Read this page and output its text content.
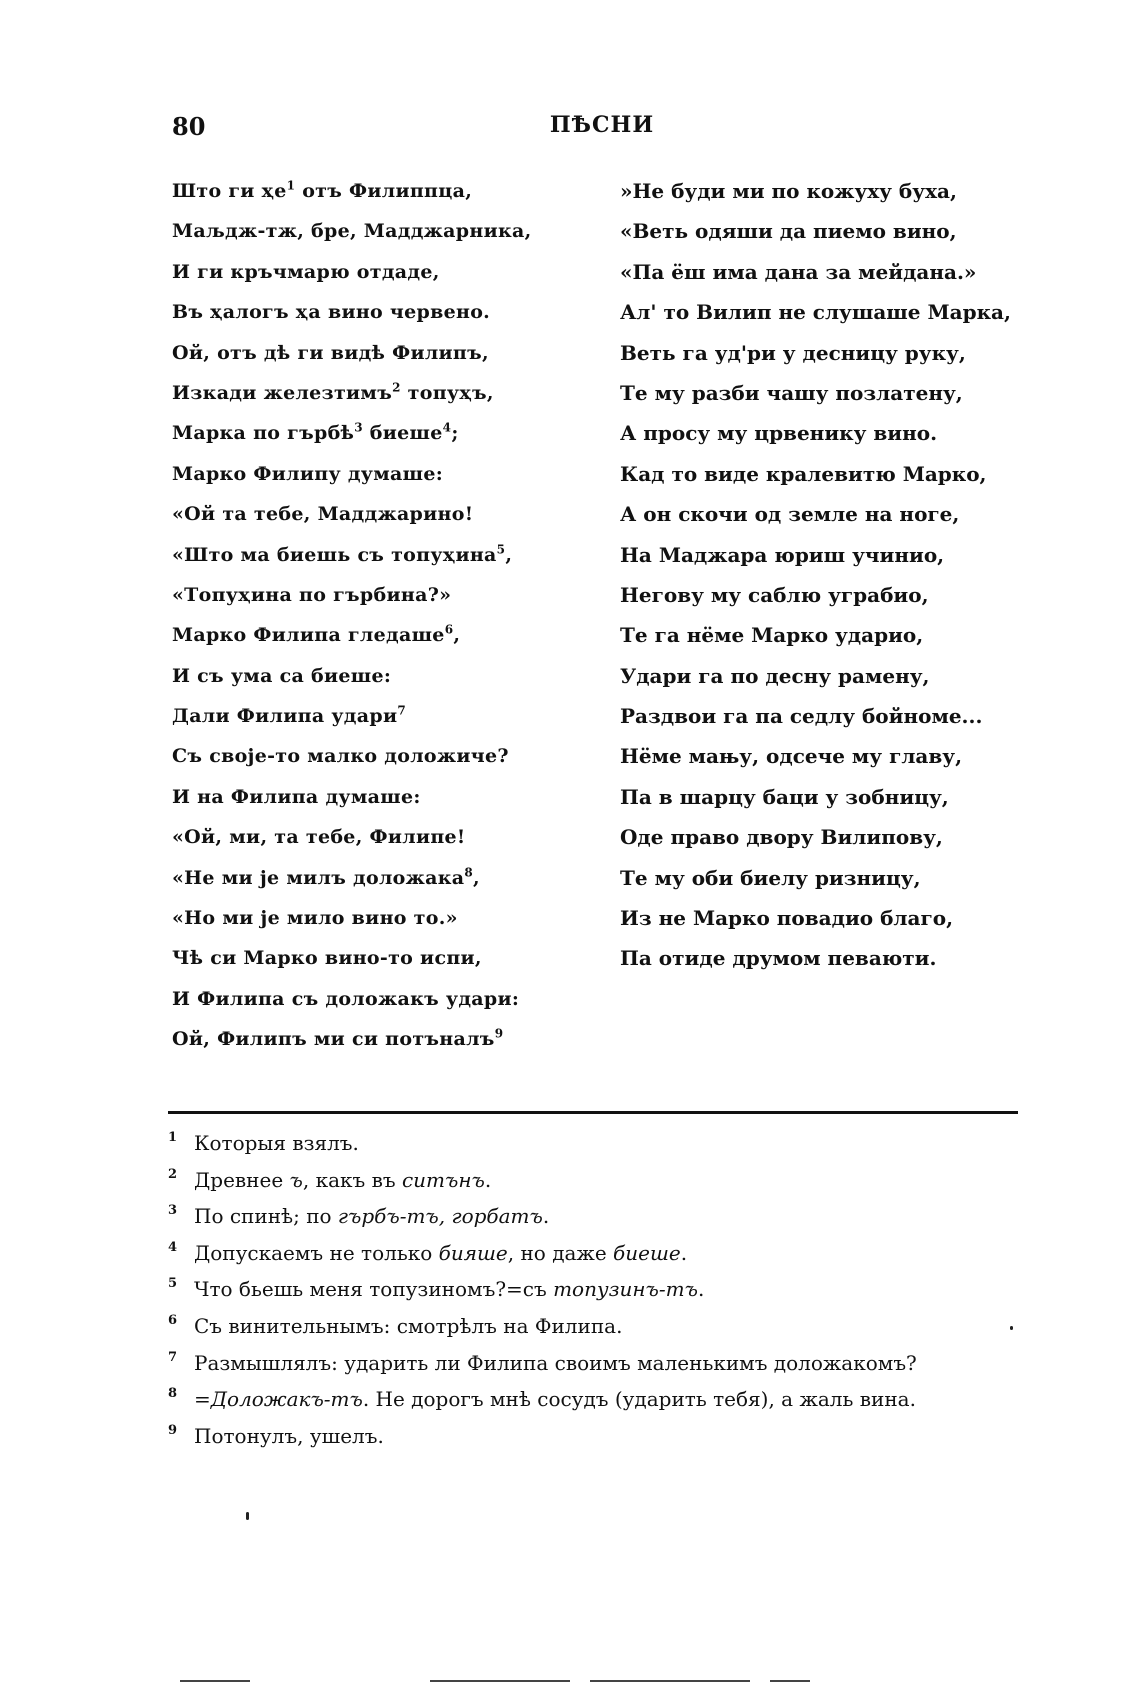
80	ПѢСНИ
Што ги $ҳе^1$ отъ Филиппца,
Маљдж-тж, бре, Мадджарника,
И ги кръчмарю отдаде,
Въ ҳалогъ ҳа вино червено.
Ой, отъ дѣ ги видѣ Филипъ,
Изкади железтимъ$^2$ топуҳъ,
Марка по гърбѣ$^3$ биеше$^4$;
Марко Филипу думаше:
«Ой та тебе, Мадджарино!
«Што ма биешь съ топуҳина$^5$,
«Топуҳина по гърбина?»
Марко Филипа гледаше$^6$,
И съ ума са биеше:
Дали Филипа удари$^7$
Съ своје-то малко доложиче?
И на Филипа думаше:
«Ой, ми, та тебе, Филипе!
«Не ми је милъ доложака$^8$,
«Но ми је мило вино то.»
Чѣ си Марко вино-то испи,
И Филипа съ доложакъ удари:
Ой, Филипъ ми си потъналъ$^9$
»Не буди ми по кожуху буха,
«Веть одяши да пиемо вино,
«Па ёш има дана за мейдана.»
Ал' то Вилип не слушаше Марка,
Веть га уд'ри у десницу руку,
Те му разби чашу позлатену,
А просу му црвенику вино.
Кад то виде кралевитю Марко,
А он скочи од земле на ноге,
На Маджара юриш учинио,
Негову му саблю уграбио,
Те га нёме Марко ударио,
Удари га по десну рамену,
Раздвои га па седлу бойноме...
Нёме мању, одсече му главу,
Па в шарцу баци у зобницу,
Оде право двору Вилипову,
Те му оби биелу ризницу,
Из не Марко повадио благо,
Па отиде друмом певаюти.
1 Которыя взялъ.
2 Древнее ъ, какъ въ ситънъ.
3 По спинѣ; по гърбъ-тъ, горбатъ.
4 Допускаемъ не только бияше, но даже биеше.
5 Что бьешь меня топузиномъ?=съ топузинъ-тъ.
6 Съ винительнымъ: смотрѣлъ на Филипа.
7 Размышлялъ: ударить ли Филипа своимъ маленькимъ доложакомъ?
8 =Доложакъ-тъ. Не дорогъ мнѣ сосудъ (ударить тебя), а жаль вина.
9 Потонулъ, ушелъ.
